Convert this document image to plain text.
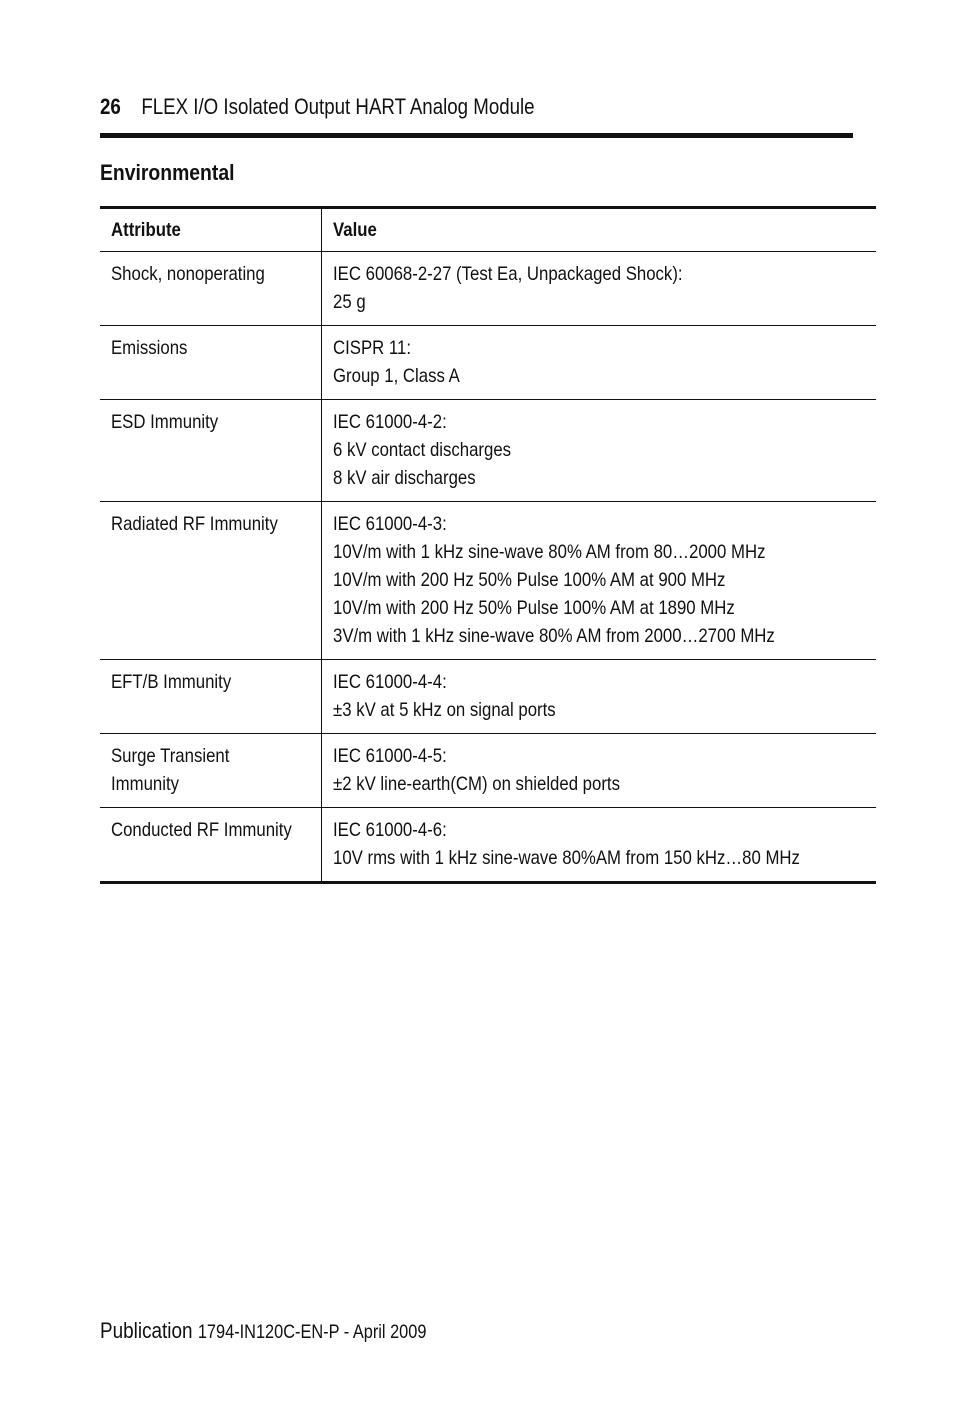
26 FLEX I/O Isolated Output HART Analog Module
Environmental
Attribute	Value

Shock, nonoperating	IEC 60068-2-27 (Test Ea, Unpackaged Shock):
25 g

Emissions	CISPR 11:
Group 1, Class A

ESD Immunity	IEC 61000-4-2:
6 kV contact discharges
8 kV air discharges

Radiated RF Immunity	IEC 61000-4-3:
10V/m with 1 kHz sine-wave 80% AM from 80…2000 MHz
10V/m with 200 Hz 50% Pulse 100% AM at 900 MHz
10V/m with 200 Hz 50% Pulse 100% AM at 1890 MHz
3V/m with 1 kHz sine-wave 80% AM from 2000…2700 MHz

EFT/B Immunity	IEC 61000-4-4:
±3 kV at 5 kHz on signal ports

Surge Transient
Immunity	IEC 61000-4-5:
±2 kV line-earth(CM) on shielded ports

Conducted RF Immunity	IEC 61000-4-6:
10V rms with 1 kHz sine-wave 80%AM from 150 kHz…80 MHz
Publication 1794-IN120C-EN-P - April 2009
